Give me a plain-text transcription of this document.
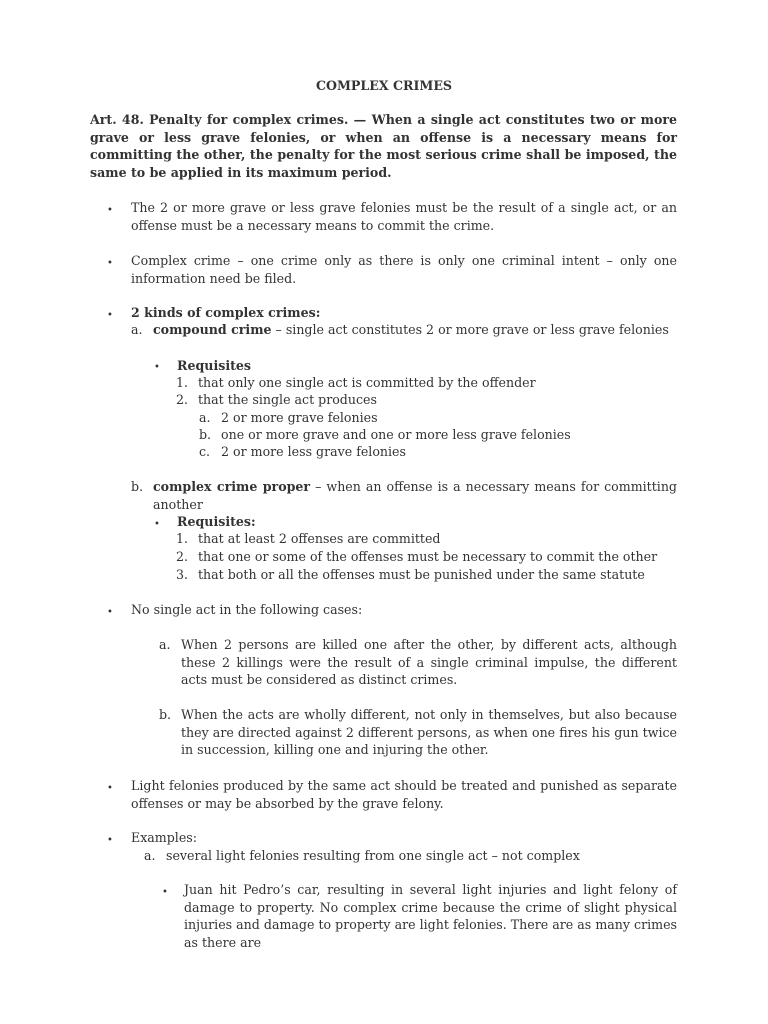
COMPLEX CRIMES
Art. 48. Penalty for complex crimes. — When a single act constitutes two or more grave or less grave felonies, or when an offense is a necessary means for committing the other, the penalty for the most serious crime shall be imposed, the same to be applied in its maximum period.
• The 2 or more grave or less grave felonies must be the result of a single act, or an offense must be a necessary means to commit the crime.
• Complex crime – one crime only as there is only one criminal intent – only one information need be filed.
• 2 kinds of complex crimes:
a. compound crime – single act constitutes 2 or more grave or less grave felonies
• Requisites
1. that only one single act is committed by the offender
2. that the single act produces
a. 2 or more grave felonies
b. one or more grave and one or more less grave felonies
c. 2 or more less grave felonies
b. complex crime proper – when an offense is a necessary means for committing another
• Requisites:
1. that at least 2 offenses are committed
2. that one or some of the offenses must be necessary to commit the other
3. that both or all the offenses must be punished under the same statute
• No single act in the following cases:
a. When 2 persons are killed one after the other, by different acts, although these 2 killings were the result of a single criminal impulse, the different acts must be considered as distinct crimes.
b. When the acts are wholly different, not only in themselves, but also because they are directed against 2 different persons, as when one fires his gun twice in succession, killing one and injuring the other.
• Light felonies produced by the same act should be treated and punished as separate offenses or may be absorbed by the grave felony.
• Examples:
a. several light felonies resulting from one single act – not complex
• Juan hit Pedro’s car, resulting in several light injuries and light felony of damage to property. No complex crime because the crime of slight physical injuries and damage to property are light felonies. There are as many crimes as there are
